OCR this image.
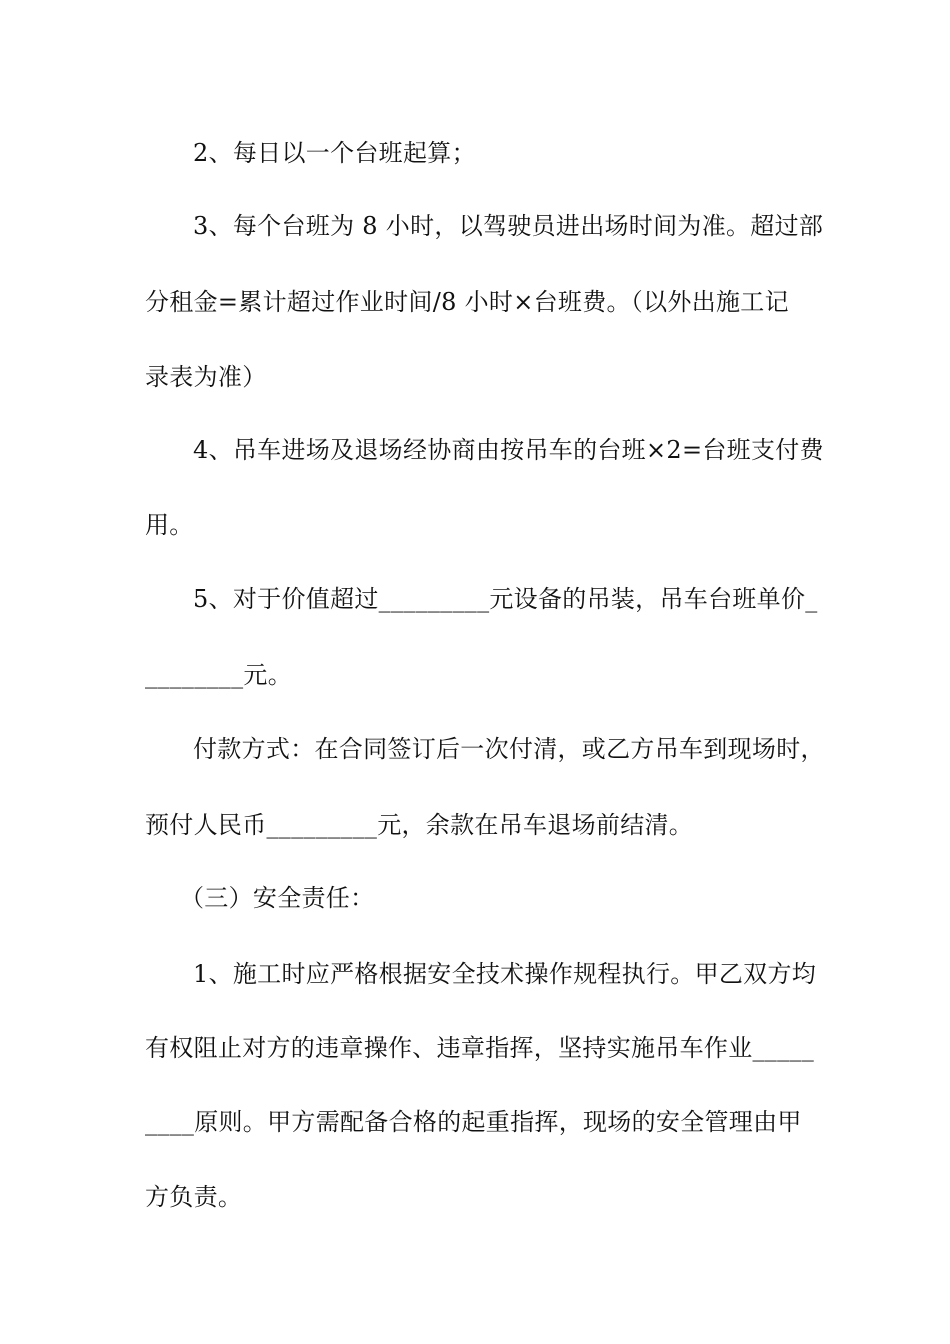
2、每日以一个台班起算；
3、每个台班为 8 小时，以驾驶员进出场时间为准。超过部
分租金=累计超过作业时间/8 小时×台班费。（以外出施工记
录表为准）
4、吊车进场及退场经协商由按吊车的台班×2=台班支付费
用。
5、对于价值超过_________元设备的吊装，吊车台班单价_
________元。
付款方式：在合同签订后一次付清，或乙方吊车到现场时，
预付人民币_________元，余款在吊车退场前结清。
（三）安全责任：
1、施工时应严格根据安全技术操作规程执行。甲乙双方均
有权阻止对方的违章操作、违章指挥，坚持实施吊车作业_____
____原则。甲方需配备合格的起重指挥，现场的安全管理由甲
方负责。
